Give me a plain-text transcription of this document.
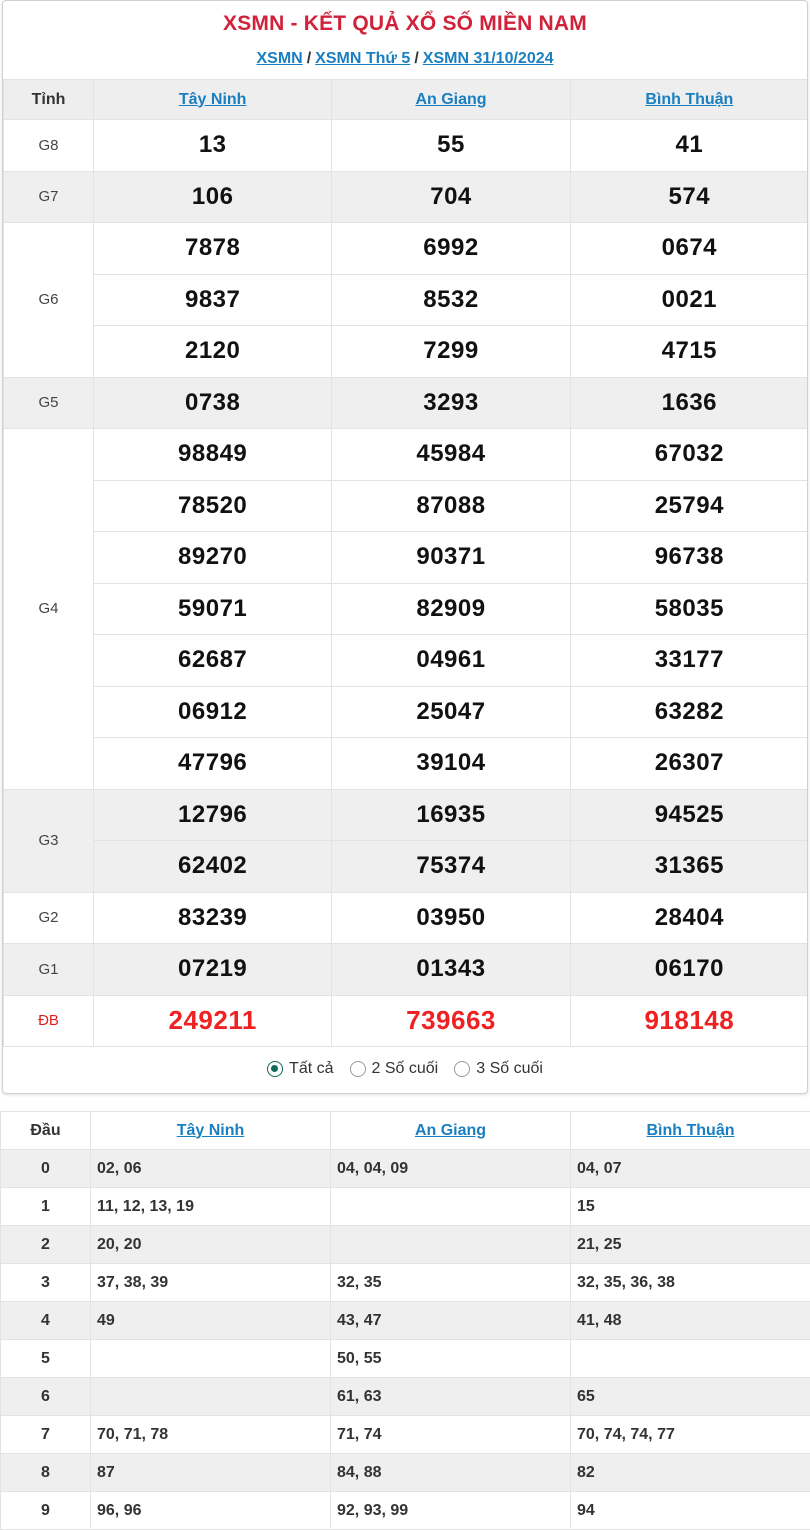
XSMN - KẾT QUẢ XỔ SỐ MIỀN NAM
XSMN / XSMN Thứ 5 / XSMN 31/10/2024
Tỉnh	Tây Ninh	An Giang	Bình Thuận
G8	13	55	41
G7	106	704	574
G6	7878	6992	0674
	9837	8532	0021
	2120	7299	4715
G5	0738	3293	1636
G4	98849	45984	67032
	78520	87088	25794
	89270	90371	96738
	59071	82909	58035
	62687	04961	33177
	06912	25047	63282
	47796	39104	26307
G3	12796	16935	94525
	62402	75374	31365
G2	83239	03950	28404
G1	07219	01343	06170
ĐB	249211	739663	918148
Tất cả 2 Số cuối 3 Số cuối
Đầu	Tây Ninh	An Giang	Bình Thuận
0	02, 06	04, 04, 09	04, 07
1	11, 12, 13, 19		15
2	20, 20		21, 25
3	37, 38, 39	32, 35	32, 35, 36, 38
4	49	43, 47	41, 48
5		50, 55	
6		61, 63	65
7	70, 71, 78	71, 74	70, 74, 74, 77
8	87	84, 88	82
9	96, 96	92, 93, 99	94
